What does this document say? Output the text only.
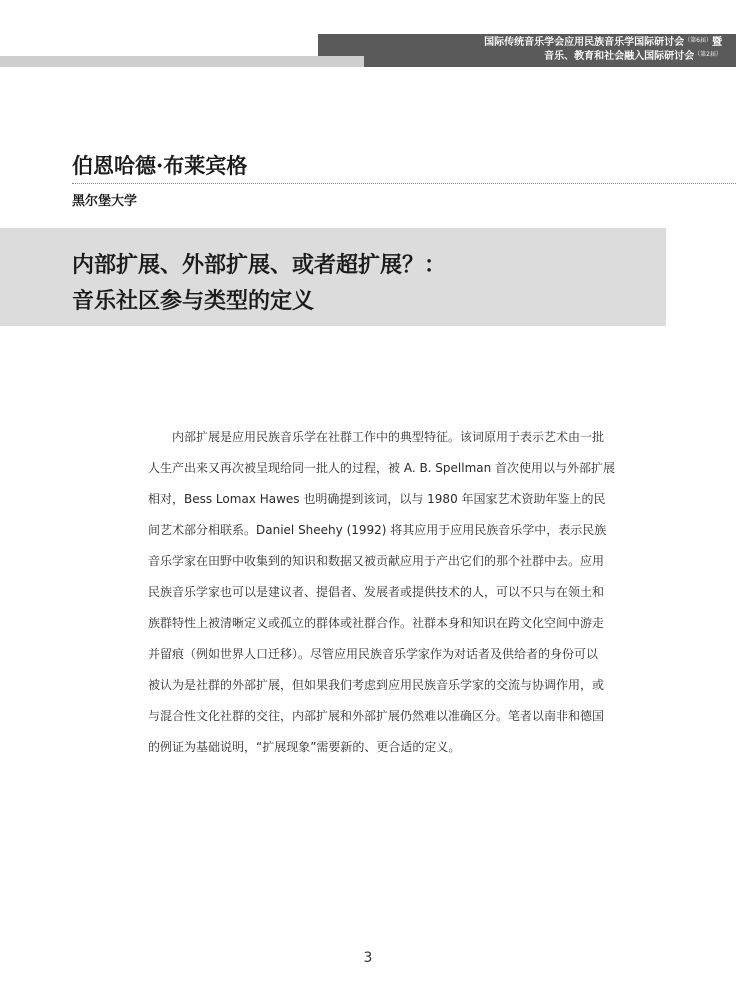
国际传统音乐学会应用民族音乐学国际研讨会$^{(第6届)}$暨
音乐、教育和社会融入国际研讨会$^{(第2届)}$
伯恩哈德·布莱宾格
黑尔堡大学
内部扩展、外部扩展、或者超扩展？：
音乐社区参与类型的定义
内部扩展是应用民族音乐学在社群工作中的典型特征。该词原用于表示艺术由一批
人生产出来又再次被呈现给同一批人的过程，被 A. B. Spellman 首次使用以与外部扩展
相对，Bess Lomax Hawes 也明确提到该词，以与 1980 年国家艺术资助年鉴上的民
间艺术部分相联系。Daniel Sheehy (1992) 将其应用于应用民族音乐学中，表示民族
音乐学家在田野中收集到的知识和数据又被贡献应用于产出它们的那个社群中去。应用
民族音乐学家也可以是建议者、提倡者、发展者或提供技术的人，可以不只与在领土和
族群特性上被清晰定义或孤立的群体或社群合作。社群本身和知识在跨文化空间中游走
并留痕（例如世界人口迁移）。尽管应用民族音乐学家作为对话者及供给者的身份可以
被认为是社群的外部扩展，但如果我们考虑到应用民族音乐学家的交流与协调作用，或
与混合性文化社群的交往，内部扩展和外部扩展仍然难以准确区分。笔者以南非和德国
的例证为基础说明，“扩展现象”需要新的、更合适的定义。
3
